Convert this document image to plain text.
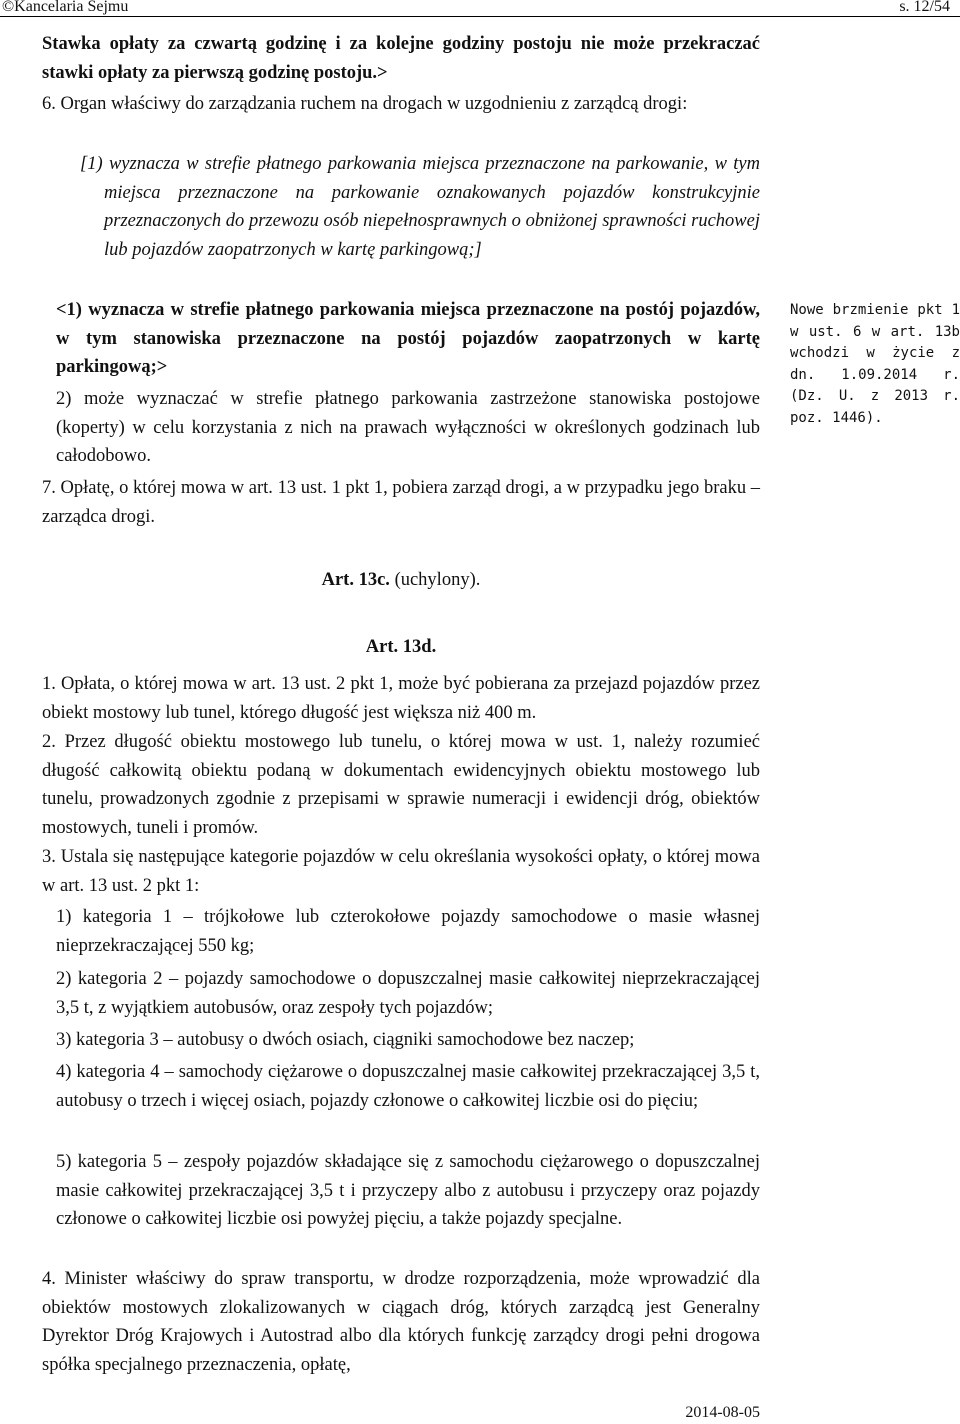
©Kancelaria Sejmu	s. 12/54
Stawka opłaty za czwartą godzinę i za kolejne godziny postoju nie może przekraczać stawki opłaty za pierwszą godzinę postoju.>
6. Organ właściwy do zarządzania ruchem na drogach w uzgodnieniu z zarządcą drogi:
[1) wyznacza w strefie płatnego parkowania miejsca przeznaczone na parkowanie, w tym miejsca przeznaczone na parkowanie oznakowanych pojazdów konstrukcyjnie przeznaczonych do przewozu osób niepełnosprawnych o obniżonej sprawności ruchowej lub pojazdów zaopatrzonych w kartę parkingową;]
<1) wyznacza w strefie płatnego parkowania miejsca przeznaczone na postój pojazdów, w tym stanowiska przeznaczone na postój pojazdów zaopatrzonych w kartę parkingową;>
2) może wyznaczać w strefie płatnego parkowania zastrzeżone stanowiska postojowe (koperty) w celu korzystania z nich na prawach wyłączności w określonych godzinach lub całodobowo.
7. Opłatę, o której mowa w art. 13 ust. 1 pkt 1, pobiera zarząd drogi, a w przypadku jego braku – zarządca drogi.
Art. 13c. (uchylony).
Art. 13d.
1. Opłata, o której mowa w art. 13 ust. 2 pkt 1, może być pobierana za przejazd pojazdów przez obiekt mostowy lub tunel, którego długość jest większa niż 400 m.
2. Przez długość obiektu mostowego lub tunelu, o której mowa w ust. 1, należy rozumieć długość całkowitą obiektu podaną w dokumentach ewidencyjnych obiektu mostowego lub tunelu, prowadzonych zgodnie z przepisami w sprawie numeracji i ewidencji dróg, obiektów mostowych, tuneli i promów.
3. Ustala się następujące kategorie pojazdów w celu określania wysokości opłaty, o której mowa w art. 13 ust. 2 pkt 1:
1) kategoria 1 – trójkołowe lub czterokołowe pojazdy samochodowe o masie własnej nieprzekraczającej 550 kg;
2) kategoria 2 – pojazdy samochodowe o dopuszczalnej masie całkowitej nieprzekraczającej 3,5 t, z wyjątkiem autobusów, oraz zespoły tych pojazdów;
3) kategoria 3 – autobusy o dwóch osiach, ciągniki samochodowe bez naczep;
4) kategoria 4 – samochody ciężarowe o dopuszczalnej masie całkowitej przekraczającej 3,5 t, autobusy o trzech i więcej osiach, pojazdy członowe o całkowitej liczbie osi do pięciu;
5) kategoria 5 – zespoły pojazdów składające się z samochodu ciężarowego o dopuszczalnej masie całkowitej przekraczającej 3,5 t i przyczepy albo z autobusu i przyczepy oraz pojazdy członowe o całkowitej liczbie osi powyżej pięciu, a także pojazdy specjalne.
4. Minister właściwy do spraw transportu, w drodze rozporządzenia, może wprowadzić dla obiektów mostowych zlokalizowanych w ciągach dróg, których zarządcą jest Generalny Dyrektor Dróg Krajowych i Autostrad albo dla których funkcję zarządcy drogi pełni drogowa spółka specjalnego przeznaczenia, opłatę,
Nowe brzmienie pkt 1 w ust. 6 w art. 13b wchodzi w życie z dn. 1.09.2014 r. (Dz. U. z 2013 r. poz. 1446).
2014-08-05
